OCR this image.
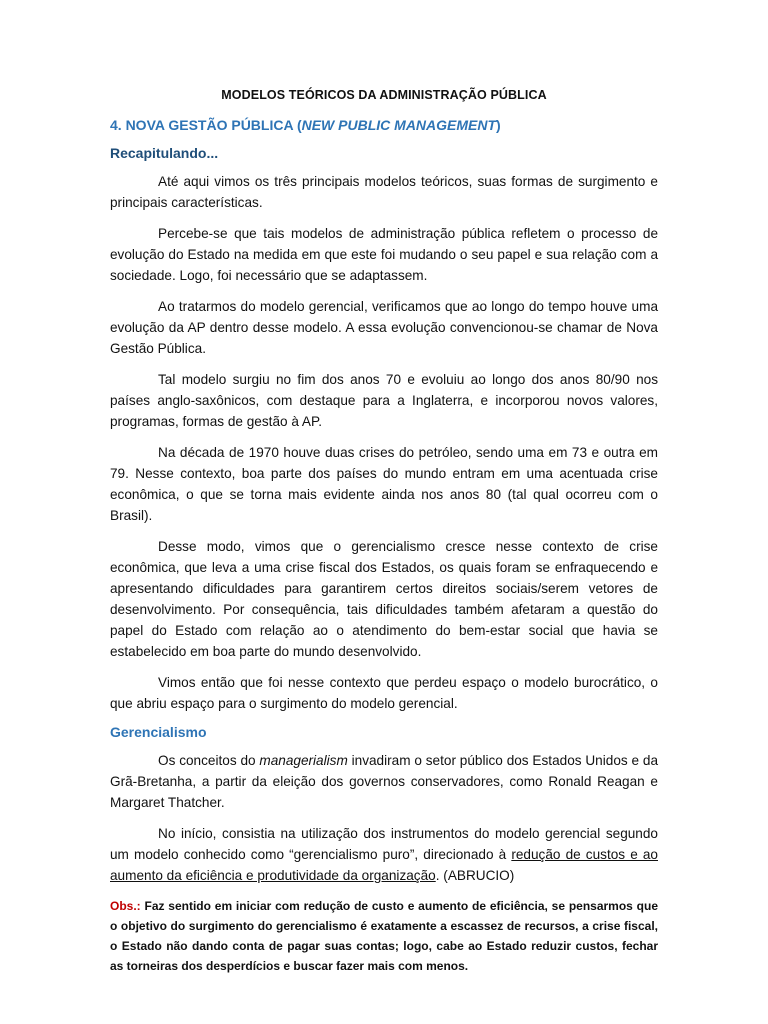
MODELOS TEÓRICOS DA ADMINISTRAÇÃO PÚBLICA
4. NOVA GESTÃO PÚBLICA (NEW PUBLIC MANAGEMENT)
Recapitulando...

Até aqui vimos os três principais modelos teóricos, suas formas de surgimento e principais características.

Percebe-se que tais modelos de administração pública refletem o processo de evolução do Estado na medida em que este foi mudando o seu papel e sua relação com a sociedade. Logo, foi necessário que se adaptassem.

Ao tratarmos do modelo gerencial, verificamos que ao longo do tempo houve uma evolução da AP dentro desse modelo. A essa evolução convencionou-se chamar de Nova Gestão Pública.

Tal modelo surgiu no fim dos anos 70 e evoluiu ao longo dos anos 80/90 nos países anglo-saxônicos, com destaque para a Inglaterra, e incorporou novos valores, programas, formas de gestão à AP.

Na década de 1970 houve duas crises do petróleo, sendo uma em 73 e outra em 79. Nesse contexto, boa parte dos países do mundo entram em uma acentuada crise econômica, o que se torna mais evidente ainda nos anos 80 (tal qual ocorreu com o Brasil).

Desse modo, vimos que o gerencialismo cresce nesse contexto de crise econômica, que leva a uma crise fiscal dos Estados, os quais foram se enfraquecendo e apresentando dificuldades para garantirem certos direitos sociais/serem vetores de desenvolvimento. Por consequência, tais dificuldades também afetaram a questão do papel do Estado com relação ao o atendimento do bem-estar social que havia se estabelecido em boa parte do mundo desenvolvido.

Vimos então que foi nesse contexto que perdeu espaço o modelo burocrático, o que abriu espaço para o surgimento do modelo gerencial.

Gerencialismo

Os conceitos do managerialism invadiram o setor público dos Estados Unidos e da Grã-Bretanha, a partir da eleição dos governos conservadores, como Ronald Reagan e Margaret Thatcher.

No início, consistia na utilização dos instrumentos do modelo gerencial segundo um modelo conhecido como “gerencialismo puro”, direcionado à redução de custos e ao aumento da eficiência e produtividade da organização. (ABRUCIO)

Obs.: Faz sentido em iniciar com redução de custo e aumento de eficiência, se pensarmos que o objetivo do surgimento do gerencialismo é exatamente a escassez de recursos, a crise fiscal, o Estado não dando conta de pagar suas contas; logo, cabe ao Estado reduzir custos, fechar as torneiras dos desperdícios e buscar fazer mais com menos.
